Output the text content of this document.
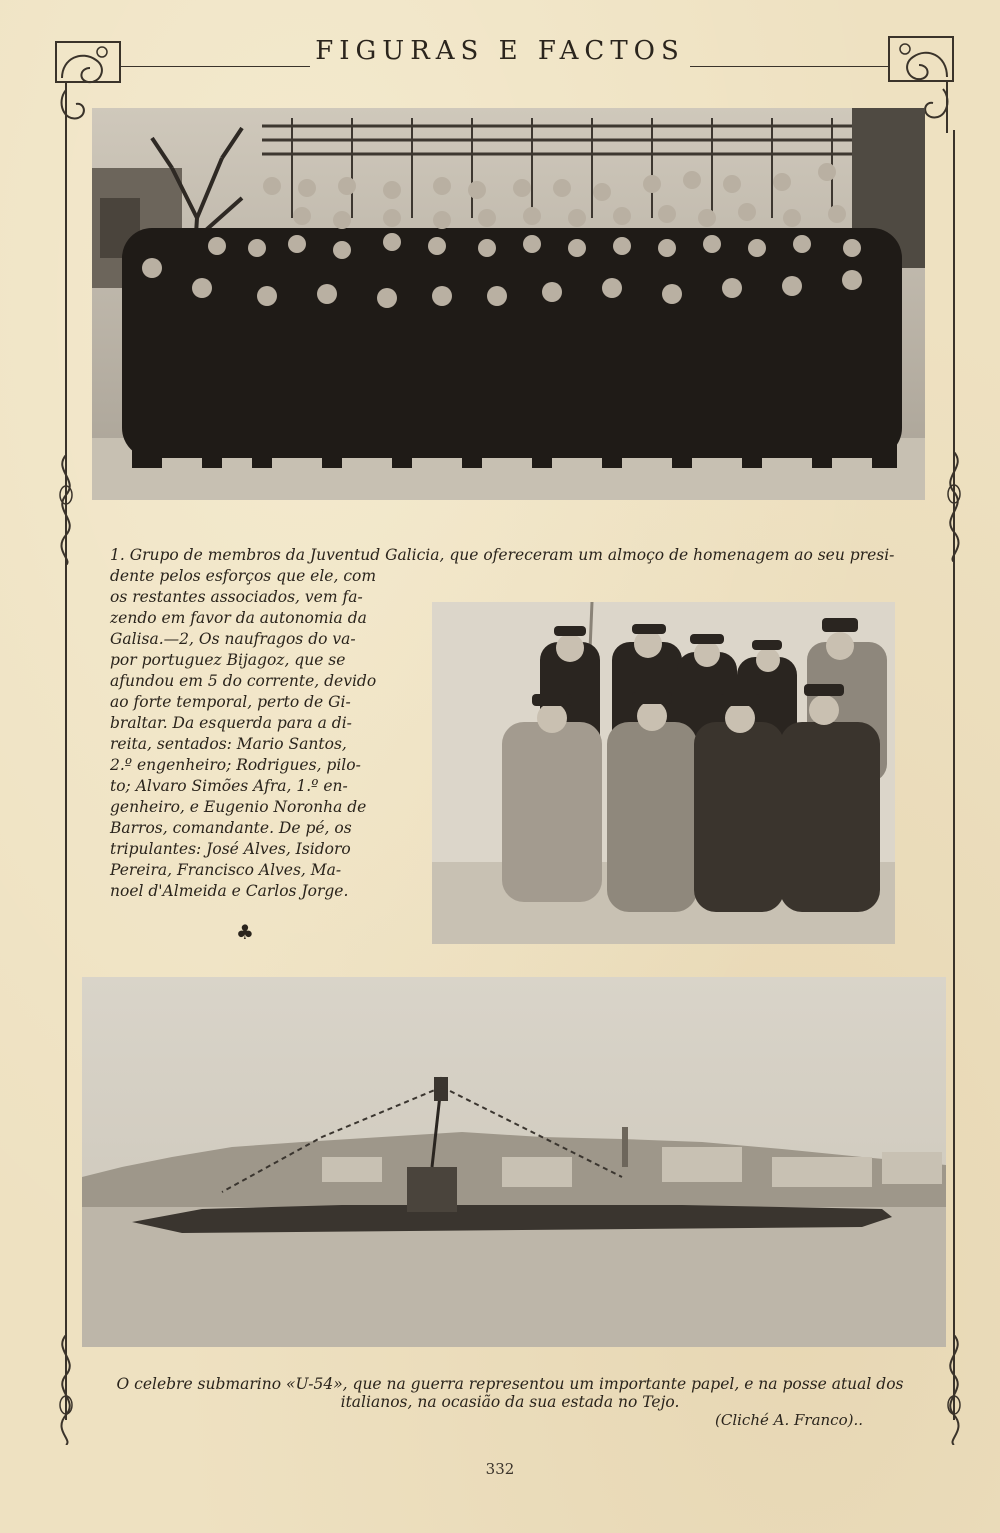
FIGURAS E FACTOS
1. Grupo de membros da Juventud Galicia, que ofereceram um almoço de homenagem ao seu presi-
dente pelos esforços que ele, com
os restantes associados, vem fa-
zendo em favor da autonomia da
Galisa.—2, Os naufragos do va-
por portuguez Bijagoz, que se
afundou em 5 do corrente, devido
ao forte temporal, perto de Gi-
braltar. Da esquerda para a di-
reita, sentados: Mario Santos,
2.º engenheiro; Rodrigues, pilo-
to; Alvaro Simões Afra, 1.º en-
genheiro, e Eugenio Noronha de
Barros, comandante. De pé, os
tripulantes: José Alves, Isidoro
Pereira, Francisco Alves, Ma-
noel d'Almeida e Carlos Jorge.
♣
O celebre submarino «U-54», que na guerra representou um importante papel, e na posse atual dos
italianos, na ocasião da sua estada no Tejo.
(Cliché A. Franco)..
332
